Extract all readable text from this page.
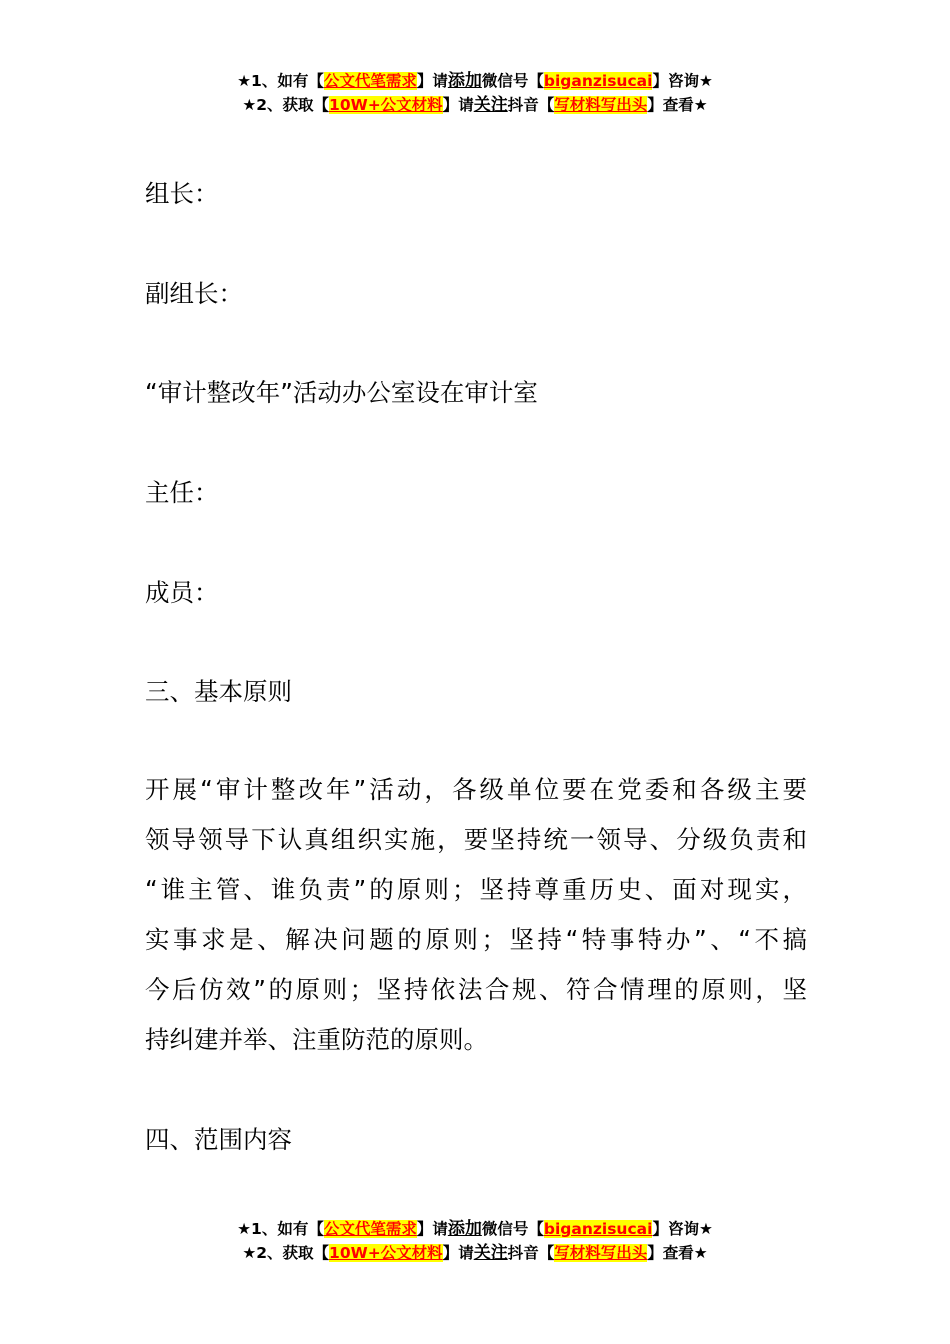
★1、如有【公文代笔需求】请添加微信号【biganzisucai】咨询★
★2、获取【10W+公文材料】请关注抖音【写材料写出头】查看★
组长：
副组长：
“审计整改年”活动办公室设在审计室
主任：
成员：
三、基本原则
开展“审计整改年”活动，各级单位要在党委和各级主要
领导领导下认真组织实施，要坚持统一领导、分级负责和
“谁主管、谁负责”的原则；坚持尊重历史、面对现实，
实事求是、解决问题的原则；坚持“特事特办”、“不搞
今后仿效”的原则；坚持依法合规、符合情理的原则，坚
持纠建并举、注重防范的原则。
四、范围内容
★1、如有【公文代笔需求】请添加微信号【biganzisucai】咨询★
★2、获取【10W+公文材料】请关注抖音【写材料写出头】查看★
